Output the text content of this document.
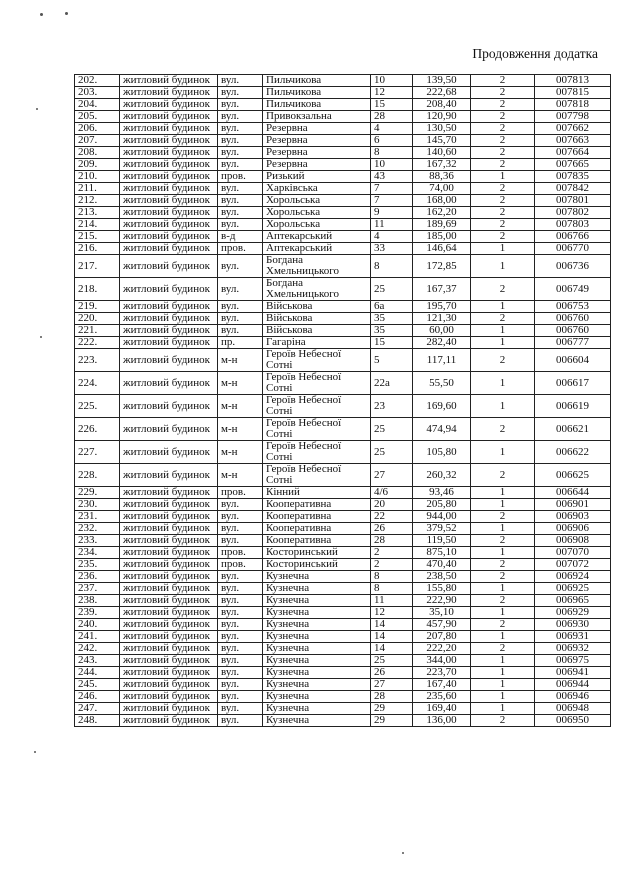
Продовження додатка
202.	житловий будинок	вул.	Пильчикова	10	139,50	2	007813
203.	житловий будинок	вул.	Пильчикова	12	222,68	2	007815
204.	житловий будинок	вул.	Пильчикова	15	208,40	2	007818
205.	житловий будинок	вул.	Привокзальна	28	120,90	2	007798
206.	житловий будинок	вул.	Резервна	4	130,50	2	007662
207.	житловий будинок	вул.	Резервна	6	145,70	2	007663
208.	житловий будинок	вул.	Резервна	8	140,60	2	007664
209.	житловий будинок	вул.	Резервна	10	167,32	2	007665
210.	житловий будинок	пров.	Ризький	43	88,36	1	007835
211.	житловий будинок	вул.	Харківська	7	74,00	2	007842
212.	житловий будинок	вул.	Хорольська	7	168,00	2	007801
213.	житловий будинок	вул.	Хорольська	9	162,20	2	007802
214.	житловий будинок	вул.	Хорольська	11	189,69	2	007803
215.	житловий будинок	в-д	Аптекарський	4	185,00	2	006766
216.	житловий будинок	пров.	Аптекарський	33	146,64	1	006770
217.	житловий будинок	вул.	Богдана Хмельницького	8	172,85	1	006736
218.	житловий будинок	вул.	Богдана Хмельницького	25	167,37	2	006749
219.	житловий будинок	вул.	Військова	6а	195,70	1	006753
220.	житловий будинок	вул.	Військова	35	121,30	2	006760
221.	житловий будинок	вул.	Військова	35	60,00	1	006760
222.	житловий будинок	пр.	Гагаріна	15	282,40	1	006777
223.	житловий будинок	м-н	Героїв Небесної Сотні	5	117,11	2	006604
224.	житловий будинок	м-н	Героїв Небесної Сотні	22а	55,50	1	006617
225.	житловий будинок	м-н	Героїв Небесної Сотні	23	169,60	1	006619
226.	житловий будинок	м-н	Героїв Небесної Сотні	25	474,94	2	006621
227.	житловий будинок	м-н	Героїв Небесної Сотні	25	105,80	1	006622
228.	житловий будинок	м-н	Героїв Небесної Сотні	27	260,32	2	006625
229.	житловий будинок	пров.	Кінний	4/6	93,46	1	006644
230.	житловий будинок	вул.	Кооперативна	20	205,80	1	006901
231.	житловий будинок	вул.	Кооперативна	22	944,00	2	006903
232.	житловий будинок	вул.	Кооперативна	26	379,52	1	006906
233.	житловий будинок	вул.	Кооперативна	28	119,50	2	006908
234.	житловий будинок	пров.	Косторинський	2	875,10	1	007070
235.	житловий будинок	пров.	Косторинський	2	470,40	2	007072
236.	житловий будинок	вул.	Кузнечна	8	238,50	2	006924
237.	житловий будинок	вул.	Кузнечна	8	155,80	1	006925
238.	житловий будинок	вул.	Кузнечна	11	222,90	2	006965
239.	житловий будинок	вул.	Кузнечна	12	35,10	1	006929
240.	житловий будинок	вул.	Кузнечна	14	457,90	2	006930
241.	житловий будинок	вул.	Кузнечна	14	207,80	1	006931
242.	житловий будинок	вул.	Кузнечна	14	222,20	2	006932
243.	житловий будинок	вул.	Кузнечна	25	344,00	1	006975
244.	житловий будинок	вул.	Кузнечна	26	223,70	1	006941
245.	житловий будинок	вул.	Кузнечна	27	167,40	1	006944
246.	житловий будинок	вул.	Кузнечна	28	235,60	1	006946
247.	житловий будинок	вул.	Кузнечна	29	169,40	1	006948
248.	житловий будинок	вул.	Кузнечна	29	136,00	2	006950
